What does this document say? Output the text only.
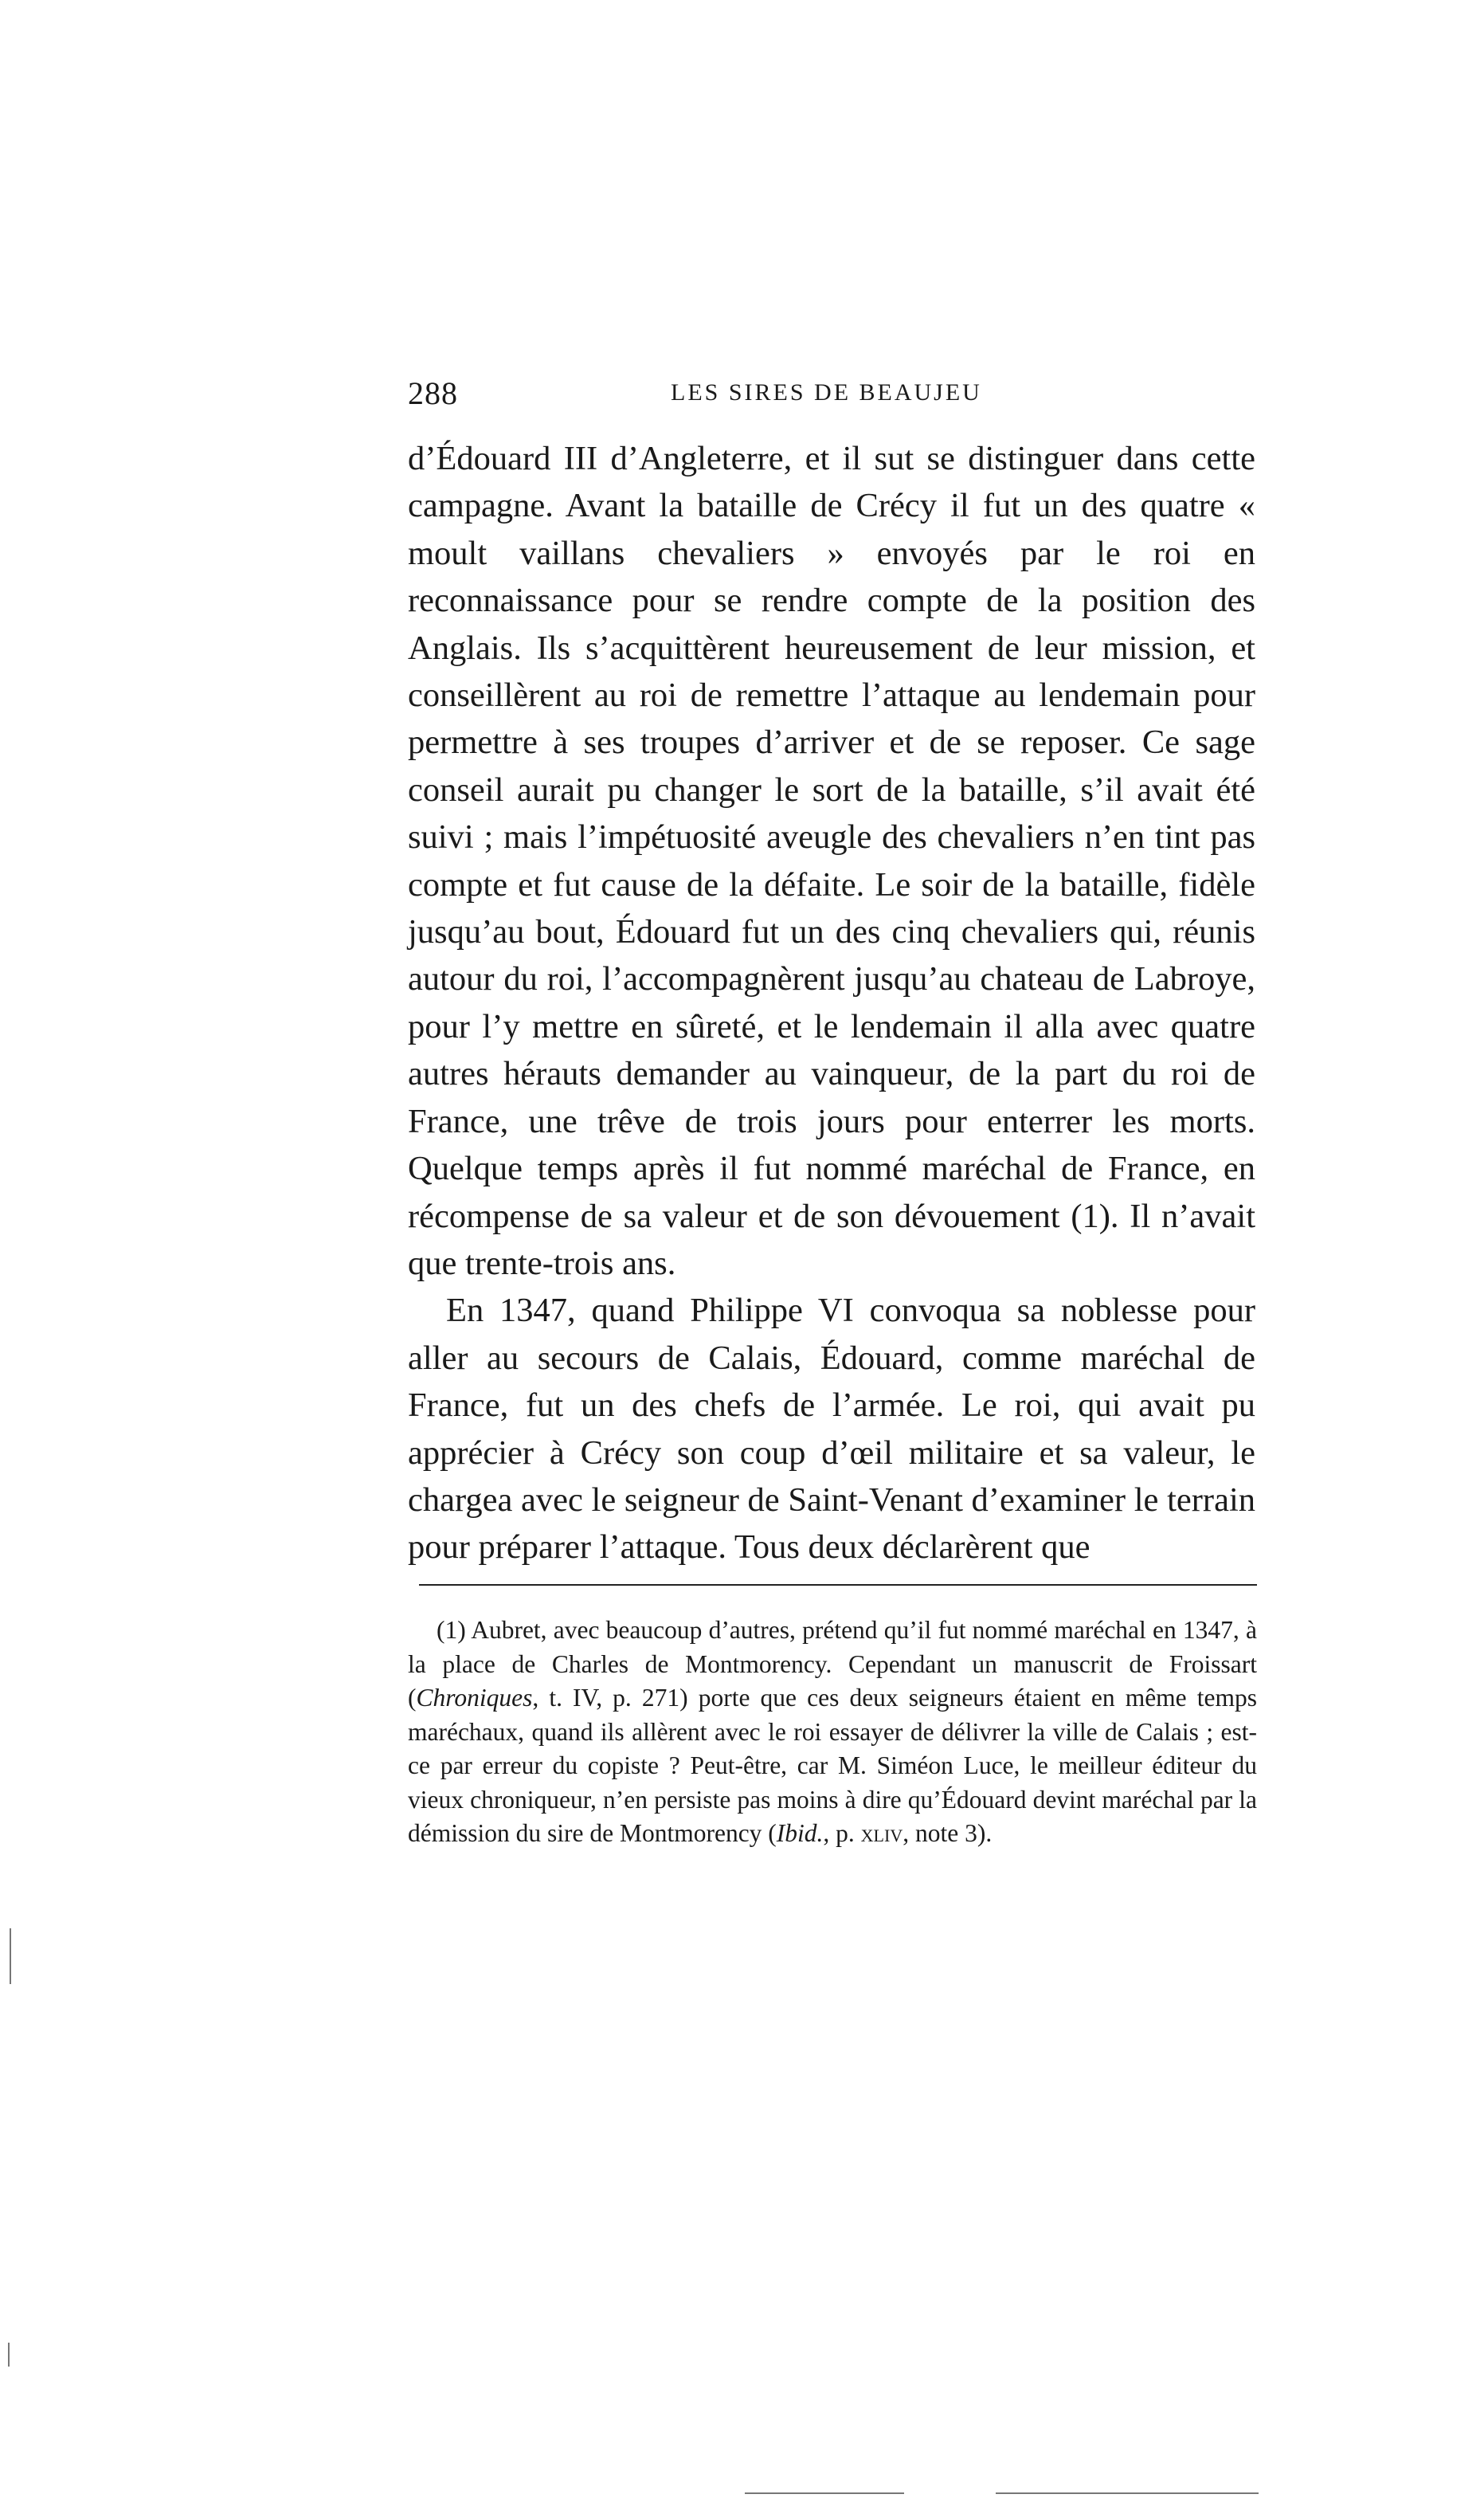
288	LES SIRES DE BEAUJEU

d’Édouard III d’Angleterre, et il sut se distinguer dans cette campagne. Avant la bataille de Crécy il fut un des quatre « moult vaillans chevaliers » envoyés par le roi en reconnaissance pour se rendre compte de la position des Anglais. Ils s’acquittèrent heureusement de leur mission, et conseillèrent au roi de remettre l’attaque au lendemain pour permettre à ses troupes d’arriver et de se reposer. Ce sage conseil aurait pu changer le sort de la bataille, s’il avait été suivi ; mais l’impétuosité aveugle des chevaliers n’en tint pas compte et fut cause de la défaite. Le soir de la bataille, fidèle jusqu’au bout, Édouard fut un des cinq chevaliers qui, réunis autour du roi, l’accompagnèrent jusqu’au chateau de Labroye, pour l’y mettre en sûreté, et le lendemain il alla avec quatre autres hérauts demander au vainqueur, de la part du roi de France, une trêve de trois jours pour enterrer les morts. Quelque temps après il fut nommé maréchal de France, en récompense de sa valeur et de son dévouement (1). Il n’avait que trente-trois ans.

En 1347, quand Philippe VI convoqua sa noblesse pour aller au secours de Calais, Édouard, comme maréchal de France, fut un des chefs de l’armée. Le roi, qui avait pu apprécier à Crécy son coup d’œil militaire et sa valeur, le chargea avec le seigneur de Saint-Venant d’examiner le terrain pour préparer l’attaque. Tous deux déclarèrent que

(1) Aubret, avec beaucoup d’autres, prétend qu’il fut nommé maréchal en 1347, à la place de Charles de Montmorency. Cependant un manuscrit de Froissart (Chroniques, t. IV, p. 271) porte que ces deux seigneurs étaient en même temps maréchaux, quand ils allèrent avec le roi essayer de délivrer la ville de Calais ; est-ce par erreur du copiste ? Peut-être, car M. Siméon Luce, le meilleur éditeur du vieux chroniqueur, n’en persiste pas moins à dire qu’Édouard devint maréchal par la démission du sire de Montmorency (Ibid., p. xliv, note 3).
